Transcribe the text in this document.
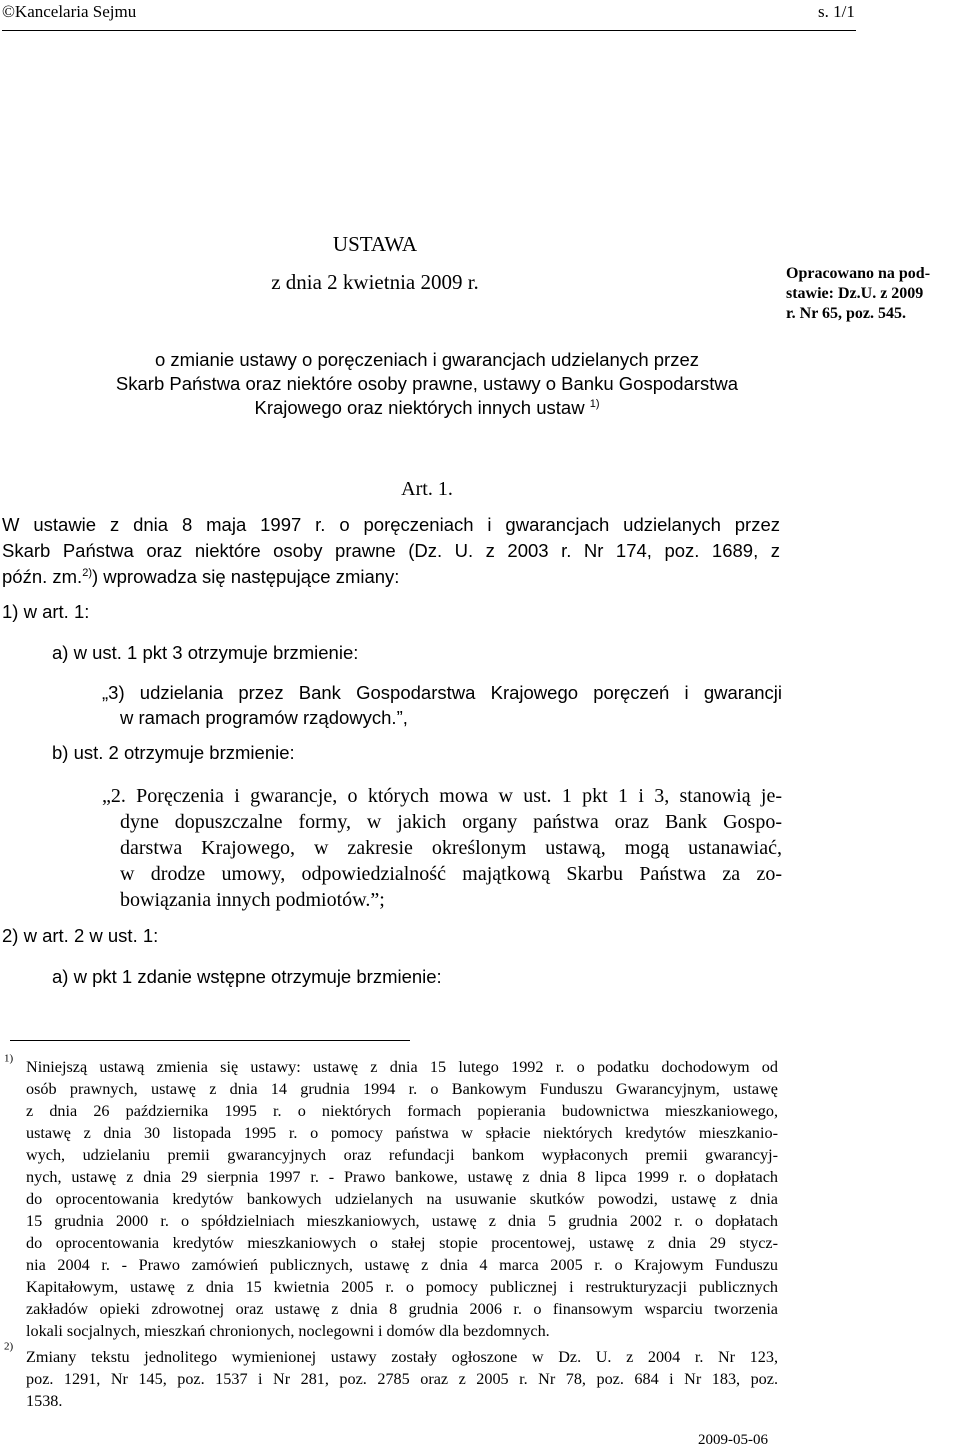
©Kancelaria Sejmu	s. 1/1
USTAWA
z dnia 2 kwietnia 2009 r.	Opracowano na pod-
stawie: Dz.U. z 2009
r. Nr 65, poz. 545.
o zmianie ustawy o poręczeniach i gwarancjach udzielanych przez
Skarb Państwa oraz niektóre osoby prawne, ustawy o Banku Gospodarstwa
Krajowego oraz niektórych innych ustaw $^{1)}$
Art. 1.
W ustawie z dnia 8 maja 1997 r. o poręczeniach i gwarancjach udzielanych przez
Skarb Państwa oraz niektóre osoby prawne (Dz. U. z 2003 r. Nr 174, poz. 1689, z
późn. zm.$^{2)}$) wprowadza się następujące zmiany:
1) w art. 1:
a) w ust. 1 pkt 3 otrzymuje brzmienie:
„3) udzielania przez Bank Gospodarstwa Krajowego poręczeń i gwarancji
w ramach programów rządowych.”,
b) ust. 2 otrzymuje brzmienie:
„2. Poręczenia i gwarancje, o których mowa w ust. 1 pkt 1 i 3, stanowią je-
dyne dopuszczalne formy, w jakich organy państwa oraz Bank Gospo-
darstwa Krajowego, w zakresie określonym ustawą, mogą ustanawiać,
w drodze umowy, odpowiedzialność majątkową Skarbu Państwa za zo-
bowiązania innych podmiotów.”;
2) w art. 2 w ust. 1:
a) w pkt 1 zdanie wstępne otrzymuje brzmienie:
$^{1)}$ Niniejszą ustawą zmienia się ustawy: ustawę z dnia 15 lutego 1992 r. o podatku dochodowym od
osób prawnych, ustawę z dnia 14 grudnia 1994 r. o Bankowym Funduszu Gwarancyjnym, ustawę
z dnia 26 października 1995 r. o niektórych formach popierania budownictwa mieszkaniowego,
ustawę z dnia 30 listopada 1995 r. o pomocy państwa w spłacie niektórych kredytów mieszkanio-
wych, udzielaniu premii gwarancyjnych oraz refundacji bankom wypłaconych premii gwarancyj-
nych, ustawę z dnia 29 sierpnia 1997 r. - Prawo bankowe, ustawę z dnia 8 lipca 1999 r. o dopłatach
do oprocentowania kredytów bankowych udzielanych na usuwanie skutków powodzi, ustawę z dnia
15 grudnia 2000 r. o spółdzielniach mieszkaniowych, ustawę z dnia 5 grudnia 2002 r. o dopłatach
do oprocentowania kredytów mieszkaniowych o stałej stopie procentowej, ustawę z dnia 29 stycz-
nia 2004 r. - Prawo zamówień publicznych, ustawę z dnia 4 marca 2005 r. o Krajowym Funduszu
Kapitałowym, ustawę z dnia 15 kwietnia 2005 r. o pomocy publicznej i restrukturyzacji publicznych
zakładów opieki zdrowotnej oraz ustawę z dnia 8 grudnia 2006 r. o finansowym wsparciu tworzenia
lokali socjalnych, mieszkań chronionych, noclegowni i domów dla bezdomnych.
$^{2)}$
Zmiany tekstu jednolitego wymienionej ustawy zostały ogłoszone w Dz. U. z 2004 r. Nr 123,
poz. 1291, Nr 145, poz. 1537 i Nr 281, poz. 2785 oraz z 2005 r. Nr 78, poz. 684 i Nr 183, poz.
1538.
2009-05-06
